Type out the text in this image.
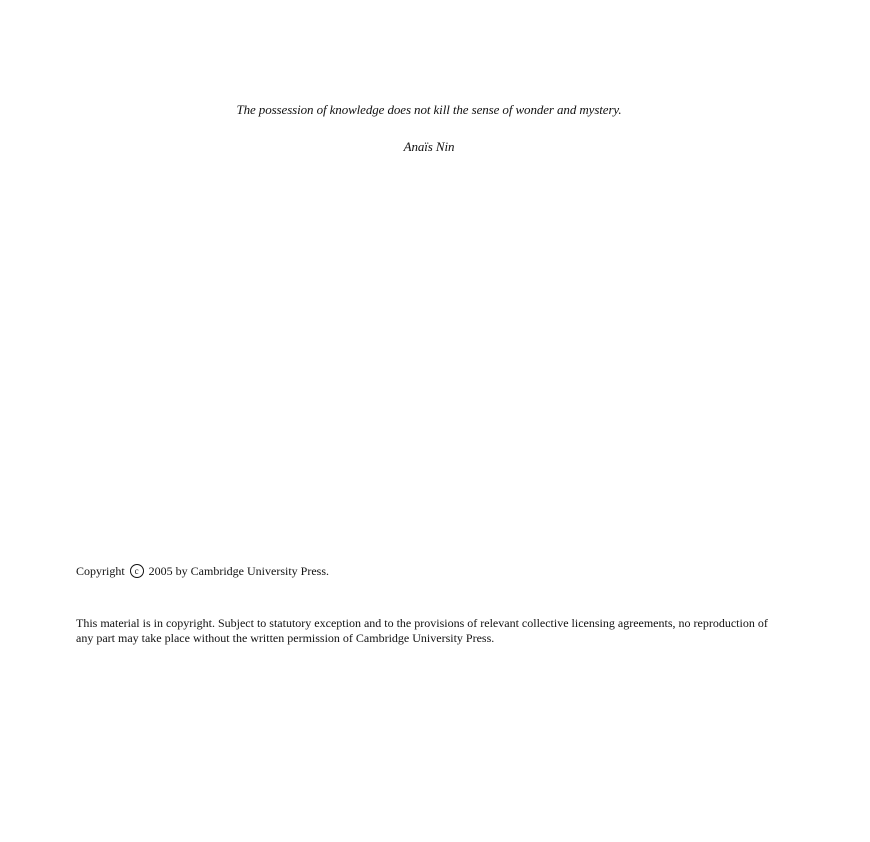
The possession of knowledge does not kill the sense of wonder and mystery.
Anaïs Nin
Copyright c 2005 by Cambridge University Press.
This material is in copyright. Subject to statutory exception and to the provisions of relevant collective licensing agreements, no reproduction of any part may take place without the written permission of Cambridge University Press.
